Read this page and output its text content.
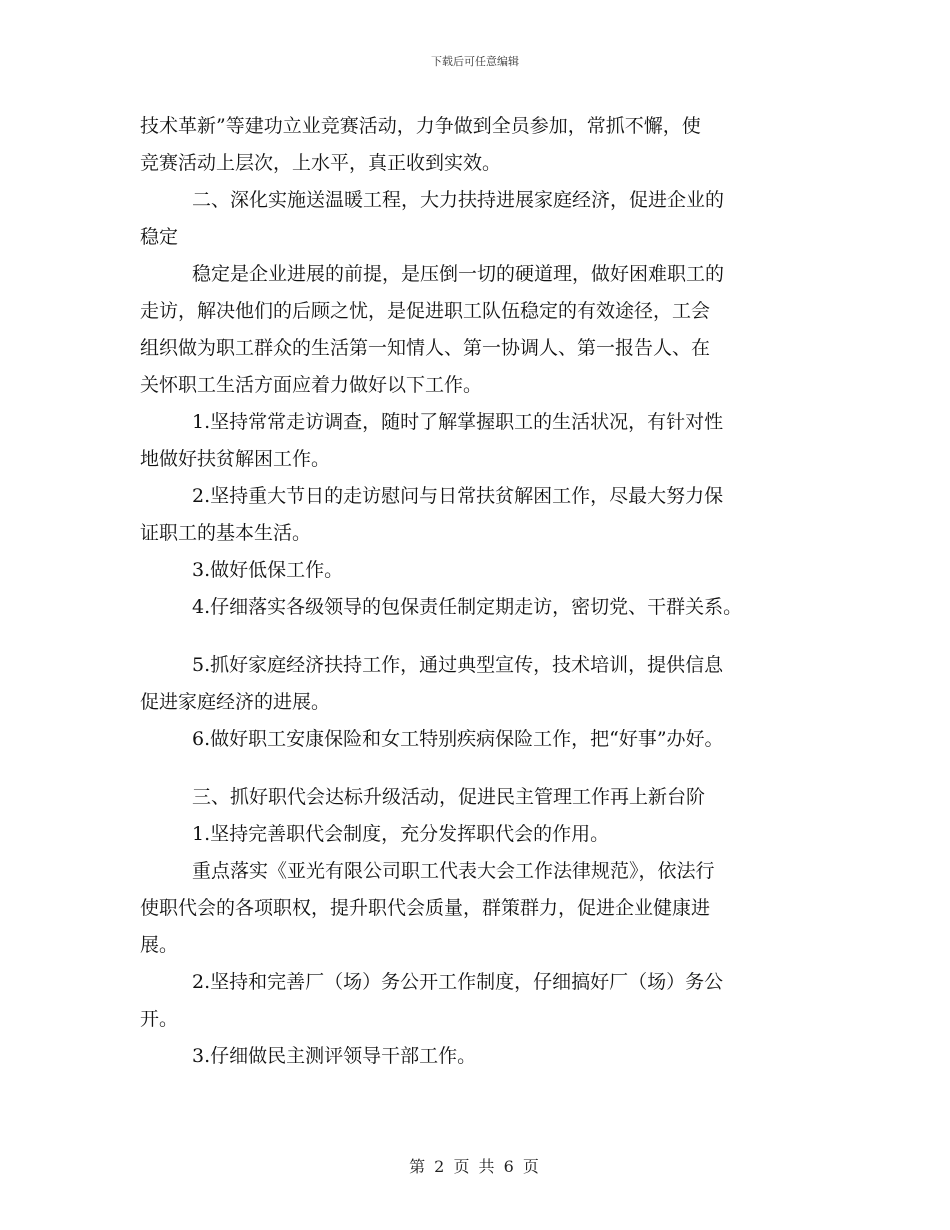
下载后可任意编辑

技术革新”等建功立业竞赛活动，力争做到全员参加，常抓不懈，使

竞赛活动上层次，上水平，真正收到实效。

二、深化实施送温暖工程，大力扶持进展家庭经济，促进企业的

稳定

稳定是企业进展的前提，是压倒一切的硬道理，做好困难职工的

走访，解决他们的后顾之忧，是促进职工队伍稳定的有效途径，工会

组织做为职工群众的生活第一知情人、第一协调人、第一报告人、在

关怀职工生活方面应着力做好以下工作。

1.坚持常常走访调查，随时了解掌握职工的生活状况，有针对性

地做好扶贫解困工作。

2.坚持重大节日的走访慰问与日常扶贫解困工作，尽最大努力保

证职工的基本生活。

3.做好低保工作。

4.仔细落实各级领导的包保责任制定期走访，密切党、干群关系。

5.抓好家庭经济扶持工作，通过典型宣传，技术培训，提供信息

促进家庭经济的进展。

6.做好职工安康保险和女工特别疾病保险工作，把“好事”办好。

三、抓好职代会达标升级活动，促进民主管理工作再上新台阶

1.坚持完善职代会制度，充分发挥职代会的作用。

重点落实《亚光有限公司职工代表大会工作法律规范》，依法行

使职代会的各项职权，提升职代会质量，群策群力，促进企业健康进

展。

2.坚持和完善厂（场）务公开工作制度，仔细搞好厂（场）务公

开。

3.仔细做民主测评领导干部工作。

第 2 页 共 6 页
